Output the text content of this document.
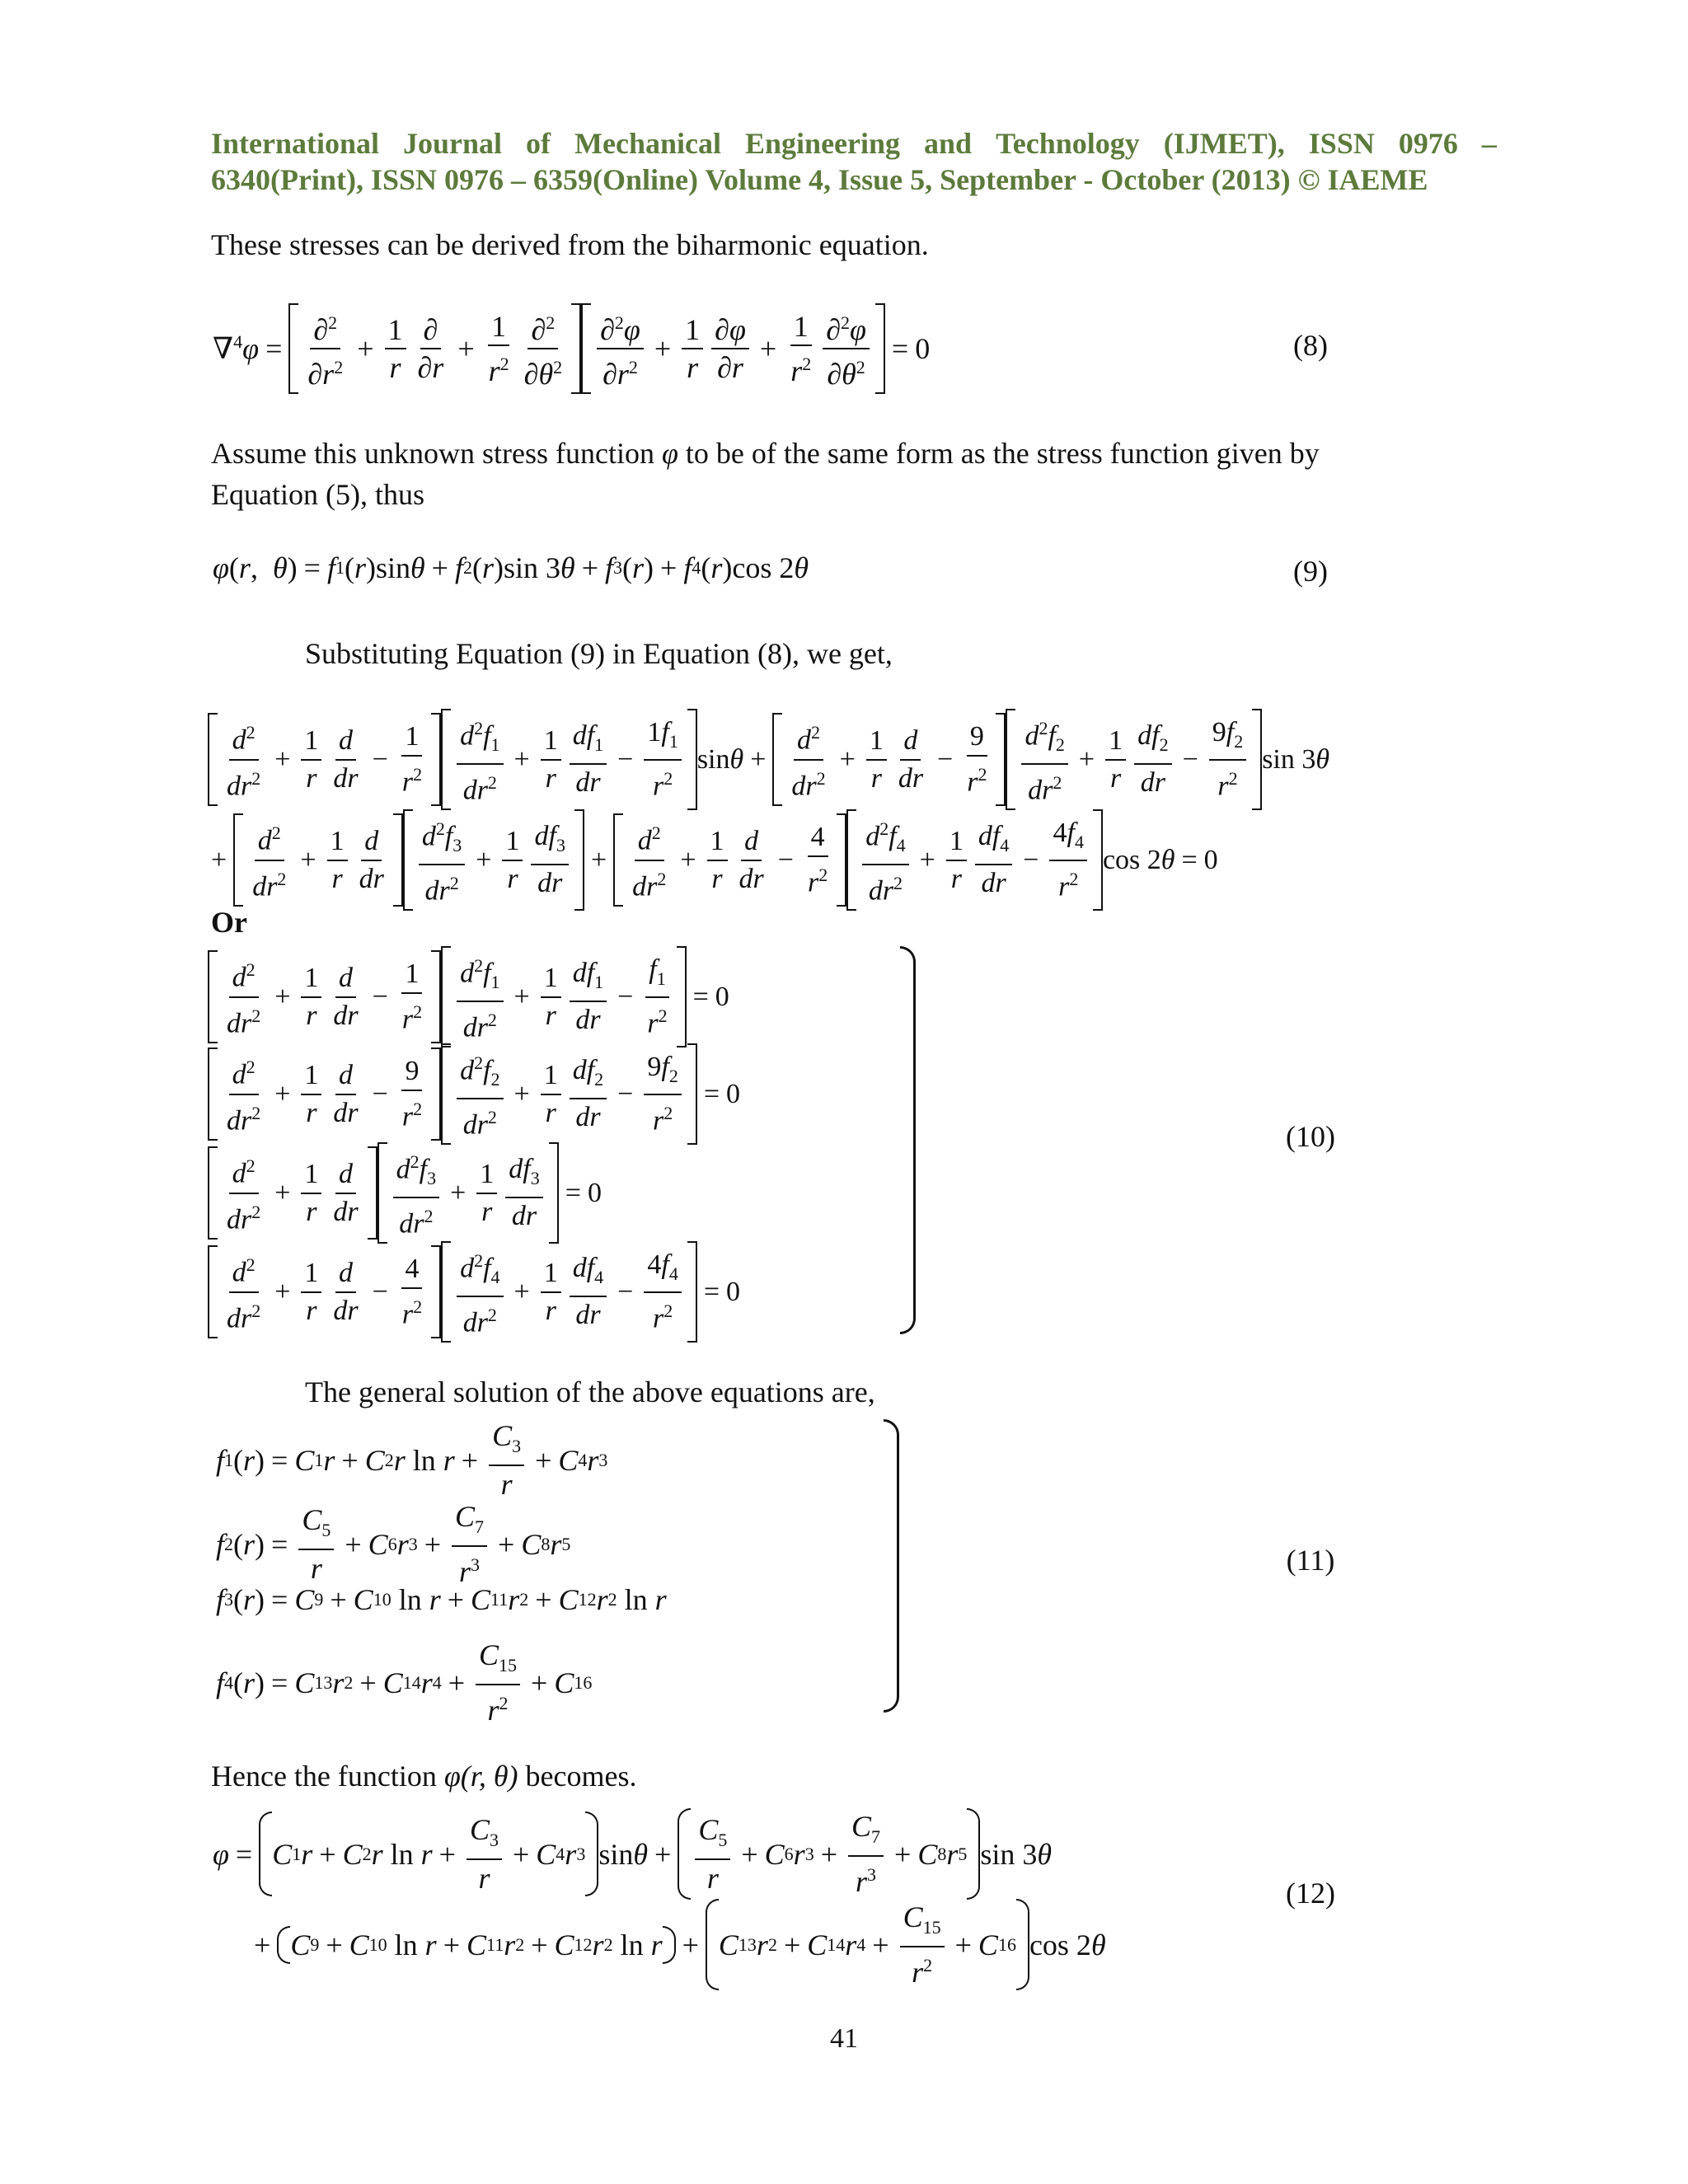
International Journal of Mechanical Engineering and Technology (IJMET), ISSN 0976 –
6340(Print), ISSN 0976 – 6359(Online) Volume 4, Issue 5, September - October (2013) © IAEME
These stresses can be derived from the biharmonic equation.
$\nabla^4\varphi = \frac{\partial^2}{\partial r^2} + \frac{1}{r} \frac{\partial}{\partial r} + \frac{1}{r^2} \frac{\partial^2}{\partial\theta^2} \frac{\partial^2\varphi}{\partial r^2} + \frac{1}{r} \frac{\partial\varphi}{\partial r} + \frac{1}{r^2} \frac{\partial^2\varphi}{\partial\theta^2} = 0$	(8)
Assume this unknown stress function φ to be of the same form as the stress function given by
Equation (5), thus
φ ( r , θ ) = f 1 ( r )sin θ + f 2 ( r )sin 3 θ + f 3 ( r ) + f 4 ( r )cos 2 θ	(9)
Substituting Equation (9) in Equation (8), we get,
$\frac{d^2}{dr^2} + \frac{1}{r} \frac{d}{dr} - \frac{1}{r^2} \frac{d^2f_1}{dr^2} + \frac{1}{r} \frac{df_1}{dr} - \frac{1f_1}{r^2}$ $\sin\theta + \frac{d^2}{dr^2} + \frac{1}{r} \frac{d}{dr} - \frac{9}{r^2} \frac{d^2f_2}{dr^2} + \frac{1}{r} \frac{df_2}{dr} - \frac{9f_2}{r^2}$ sin 3θ
+ $\frac{d^2}{dr^2} + \frac{1}{r} \frac{d}{dr} \frac{d^2f_3}{dr^2} + \frac{1}{r} \frac{df_3}{dr} + \frac{d^2}{dr^2} + \frac{1}{r} \frac{d}{dr} - \frac{4}{r^2} \frac{d^2f_4}{dr^2} + \frac{1}{r} \frac{df_4}{dr} - \frac{4f_4}{r^2}$ cos 2θ = 0
Or
$\frac{d^2}{dr^2} + \frac{1}{r} \frac{d}{dr} - \frac{1}{r^2} \frac{d^2f_1}{dr^2} + \frac{1}{r} \frac{df_1}{dr} - \frac{f_1}{r^2} = 0$
$\frac{d^2}{dr^2} + \frac{1}{r} \frac{d}{dr} - \frac{9}{r^2} \frac{d^2f_2}{dr^2} + \frac{1}{r} \frac{df_2}{dr} - \frac{9f_2}{r^2} = 0$
$\frac{d^2}{dr^2} + \frac{1}{r} \frac{d}{dr} \frac{d^2f_3}{dr^2} + \frac{1}{r} \frac{df_3}{dr} = 0$
$\frac{d^2}{dr^2} + \frac{1}{r} \frac{d}{dr} - \frac{4}{r^2} \frac{d^2f_4}{dr^2} + \frac{1}{r} \frac{df_4}{dr} - \frac{4f_4}{r^2} = 0$
(10)
The general solution of the above equations are,
f 1 ( r ) = C 1 r + C 2 r $\ln r + \frac{C_3}{r} + C$ 4 r 3
f 2 ( r ) = $\frac{C_5}{r} + C$ 6 r $3 + \frac{C_7}{r^3} + C$ 8 r 5
f 3 ( r ) = C 9 + C 10 ln r + C 11 r 2 + C 12 r 2 ln r
f 4 ( r ) = C 13 r 2 + C 14 r $4 + \frac{C_{15}}{r^2} + C$ 16
(11)
Hence the function φ(r, θ) becomes.
φ = C 1 r + C 2 r $\ln r + \frac{C_3}{r} + C$ 4 r 3 $\sin\theta + \frac{C_5}{r} + C$ 6 r $3 + \frac{C_7}{r^3} + C$ 8 r 5 sin 3θ
+ C 9 + C 10 ln r + C 11 r 2 + C 12 r 2 ln r + C 13 r 2 + C 14 r $4 + \frac{C_{15}}{r^2} + C$ 16 cos 2θ
(12)
41
